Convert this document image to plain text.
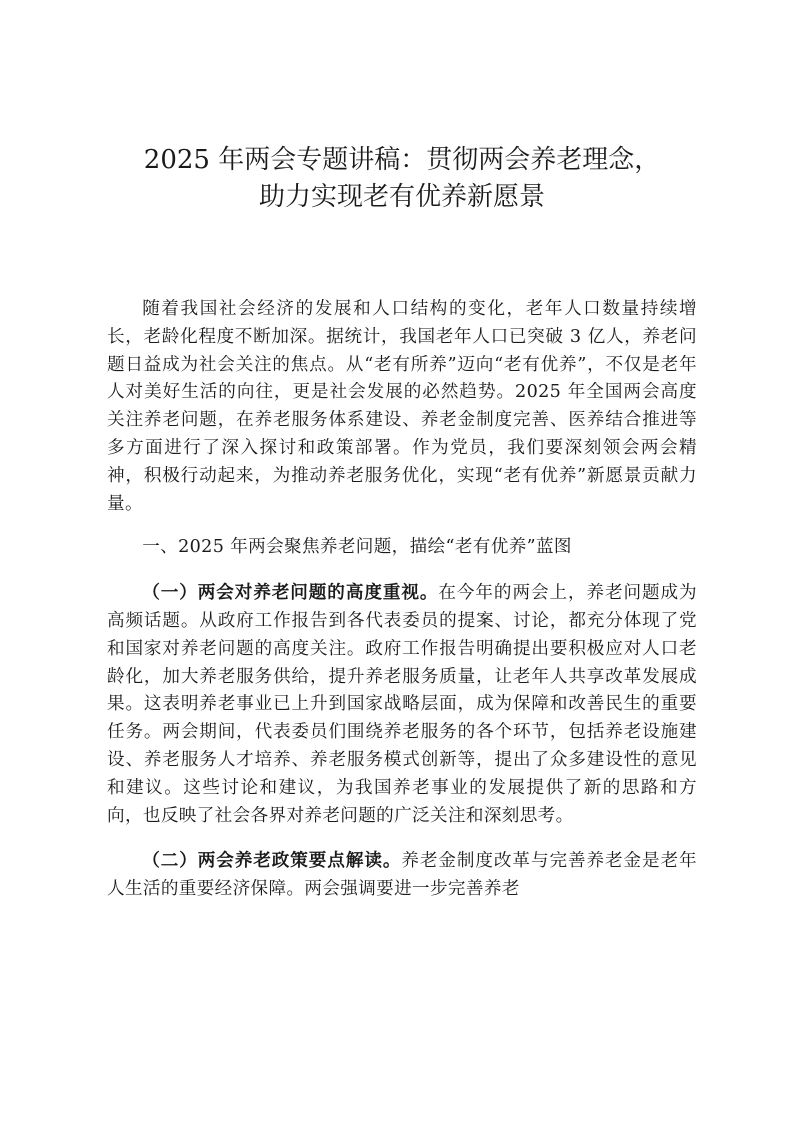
2025 年两会专题讲稿：贯彻两会养老理念，
助力实现老有优养新愿景

随着我国社会经济的发展和人口结构的变化，老年人口数量持续增长，老龄化程度不断加深。据统计，我国老年人口已突破 3 亿人，养老问题日益成为社会关注的焦点。从“老有所养”迈向“老有优养”，不仅是老年人对美好生活的向往，更是社会发展的必然趋势。2025 年全国两会高度关注养老问题，在养老服务体系建设、养老金制度完善、医养结合推进等多方面进行了深入探讨和政策部署。作为党员，我们要深刻领会两会精神，积极行动起来，为推动养老服务优化，实现“老有优养”新愿景贡献力量。

一、2025 年两会聚焦养老问题，描绘“老有优养”蓝图

（一）两会对养老问题的高度重视。在今年的两会上，养老问题成为高频话题。从政府工作报告到各代表委员的提案、讨论，都充分体现了党和国家对养老问题的高度关注。政府工作报告明确提出要积极应对人口老龄化，加大养老服务供给，提升养老服务质量，让老年人共享改革发展成果。这表明养老事业已上升到国家战略层面，成为保障和改善民生的重要任务。两会期间，代表委员们围绕养老服务的各个环节，包括养老设施建设、养老服务人才培养、养老服务模式创新等，提出了众多建设性的意见和建议。这些讨论和建议，为我国养老事业的发展提供了新的思路和方向，也反映了社会各界对养老问题的广泛关注和深刻思考。

（二）两会养老政策要点解读。养老金制度改革与完善养老金是老年人生活的重要经济保障。两会强调要进一步完善养老
